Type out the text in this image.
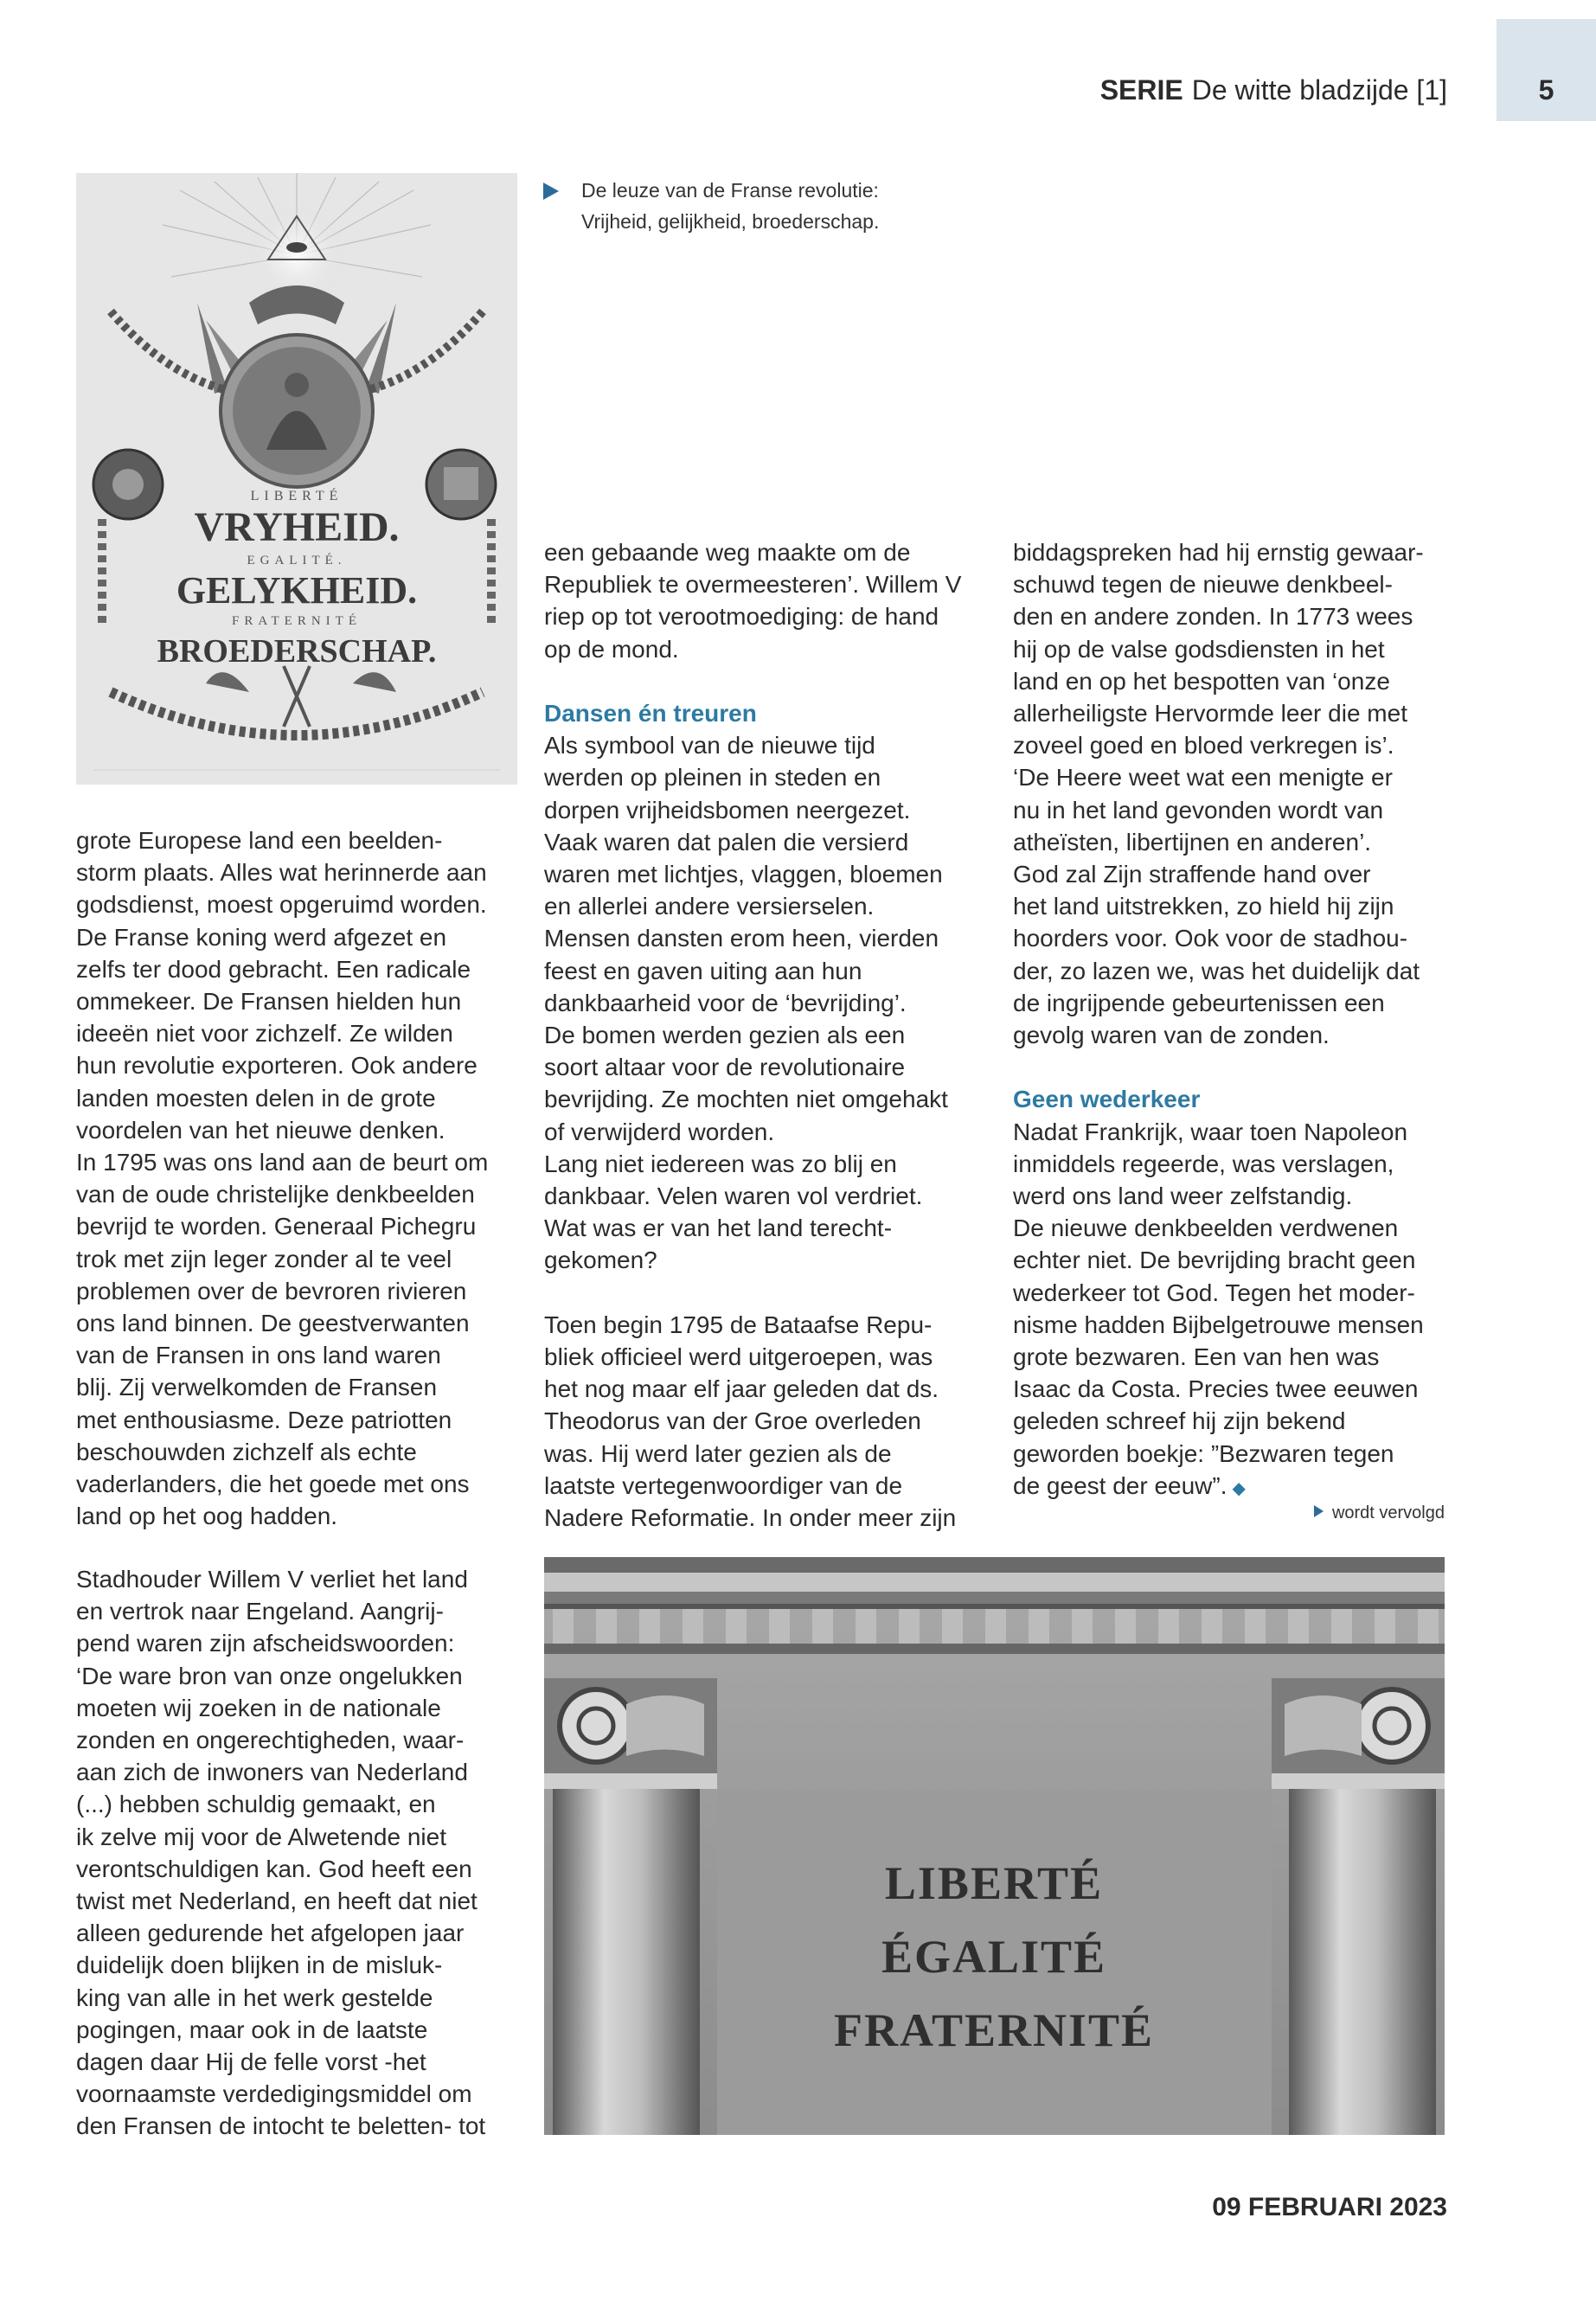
SERIE De witte bladzijde [1]	5
LIBERTÉ
VRYHEID.
EGALITÉ.
GELYKHEID.
FRATERNITÉ
BROEDERSCHAP.
De leuze van de Franse revolutie:
Vrijheid, gelijkheid, broederschap.

grote Europese land een beelden-
storm plaats. Alles wat herinnerde aan
godsdienst, moest opgeruimd worden.
De Franse koning werd afgezet en
zelfs ter dood gebracht. Een radicale
ommekeer. De Fransen hielden hun
ideeën niet voor zichzelf. Ze wilden
hun revolutie exporteren. Ook andere
landen moesten delen in de grote
voordelen van het nieuwe denken.
In 1795 was ons land aan de beurt om
van de oude christelijke denkbeelden
bevrijd te worden. Generaal Pichegru
trok met zijn leger zonder al te veel
problemen over de bevroren rivieren
ons land binnen. De geestverwanten
van de Fransen in ons land waren
blij. Zij verwelkomden de Fransen
met enthousiasme. Deze patriotten
beschouwden zichzelf als echte
vaderlanders, die het goede met ons
land op het oog hadden.

Stadhouder Willem V verliet het land
en vertrok naar Engeland. Aangrij-
pend waren zijn afscheidswoorden:
‘De ware bron van onze ongelukken
moeten wij zoeken in de nationale
zonden en ongerechtigheden, waar-
aan zich de inwoners van Nederland
(...) hebben schuldig gemaakt, en
ik zelve mij voor de Alwetende niet
verontschuldigen kan. God heeft een
twist met Nederland, en heeft dat niet
alleen gedurende het afgelopen jaar
duidelijk doen blijken in de misluk-
king van alle in het werk gestelde
pogingen, maar ook in de laatste
dagen daar Hij de felle vorst -het
voornaamste verdedigingsmiddel om
den Fransen de intocht te beletten- tot

een gebaande weg maakte om de
Republiek te overmeesteren’. Willem V
riep op tot verootmoediging: de hand
op de mond.

Dansen én treuren

Als symbool van de nieuwe tijd
werden op pleinen in steden en
dorpen vrijheidsbomen neergezet.
Vaak waren dat palen die versierd
waren met lichtjes, vlaggen, bloemen
en allerlei andere versierselen.
Mensen dansten erom heen, vierden
feest en gaven uiting aan hun
dankbaarheid voor de ‘bevrijding’.
De bomen werden gezien als een
soort altaar voor de revolutionaire
bevrijding. Ze mochten niet omgehakt
of verwijderd worden.
Lang niet iedereen was zo blij en
dankbaar. Velen waren vol verdriet.
Wat was er van het land terecht-
gekomen?

Toen begin 1795 de Bataafse Repu-
bliek officieel werd uitgeroepen, was
het nog maar elf jaar geleden dat ds.
Theodorus van der Groe overleden
was. Hij werd later gezien als de
laatste vertegenwoordiger van de
Nadere Reformatie. In onder meer zijn

biddagspreken had hij ernstig gewaar-
schuwd tegen de nieuwe denkbeel-
den en andere zonden. In 1773 wees
hij op de valse godsdiensten in het
land en op het bespotten van ‘onze
allerheiligste Hervormde leer die met
zoveel goed en bloed verkregen is’.
‘De Heere weet wat een menigte er
nu in het land gevonden wordt van
atheïsten, libertijnen en anderen’.
God zal Zijn straffende hand over
het land uitstrekken, zo hield hij zijn
hoorders voor. Ook voor de stadhou-
der, zo lazen we, was het duidelijk dat
de ingrijpende gebeurtenissen een
gevolg waren van de zonden.

Geen wederkeer

Nadat Frankrijk, waar toen Napoleon
inmiddels regeerde, was verslagen,
werd ons land weer zelfstandig.
De nieuwe denkbeelden verdwenen
echter niet. De bevrijding bracht geen
wederkeer tot God. Tegen het moder-
nisme hadden Bijbelgetrouwe mensen
grote bezwaren. Een van hen was
Isaac da Costa. Precies twee eeuwen
geleden schreef hij zijn bekend
geworden boekje: ”Bezwaren tegen
de geest der eeuw”. ◆

wordt vervolgd
LIBERTÉ
ÉGALITÉ
FRATERNITÉ
09 FEBRUARI 2023
